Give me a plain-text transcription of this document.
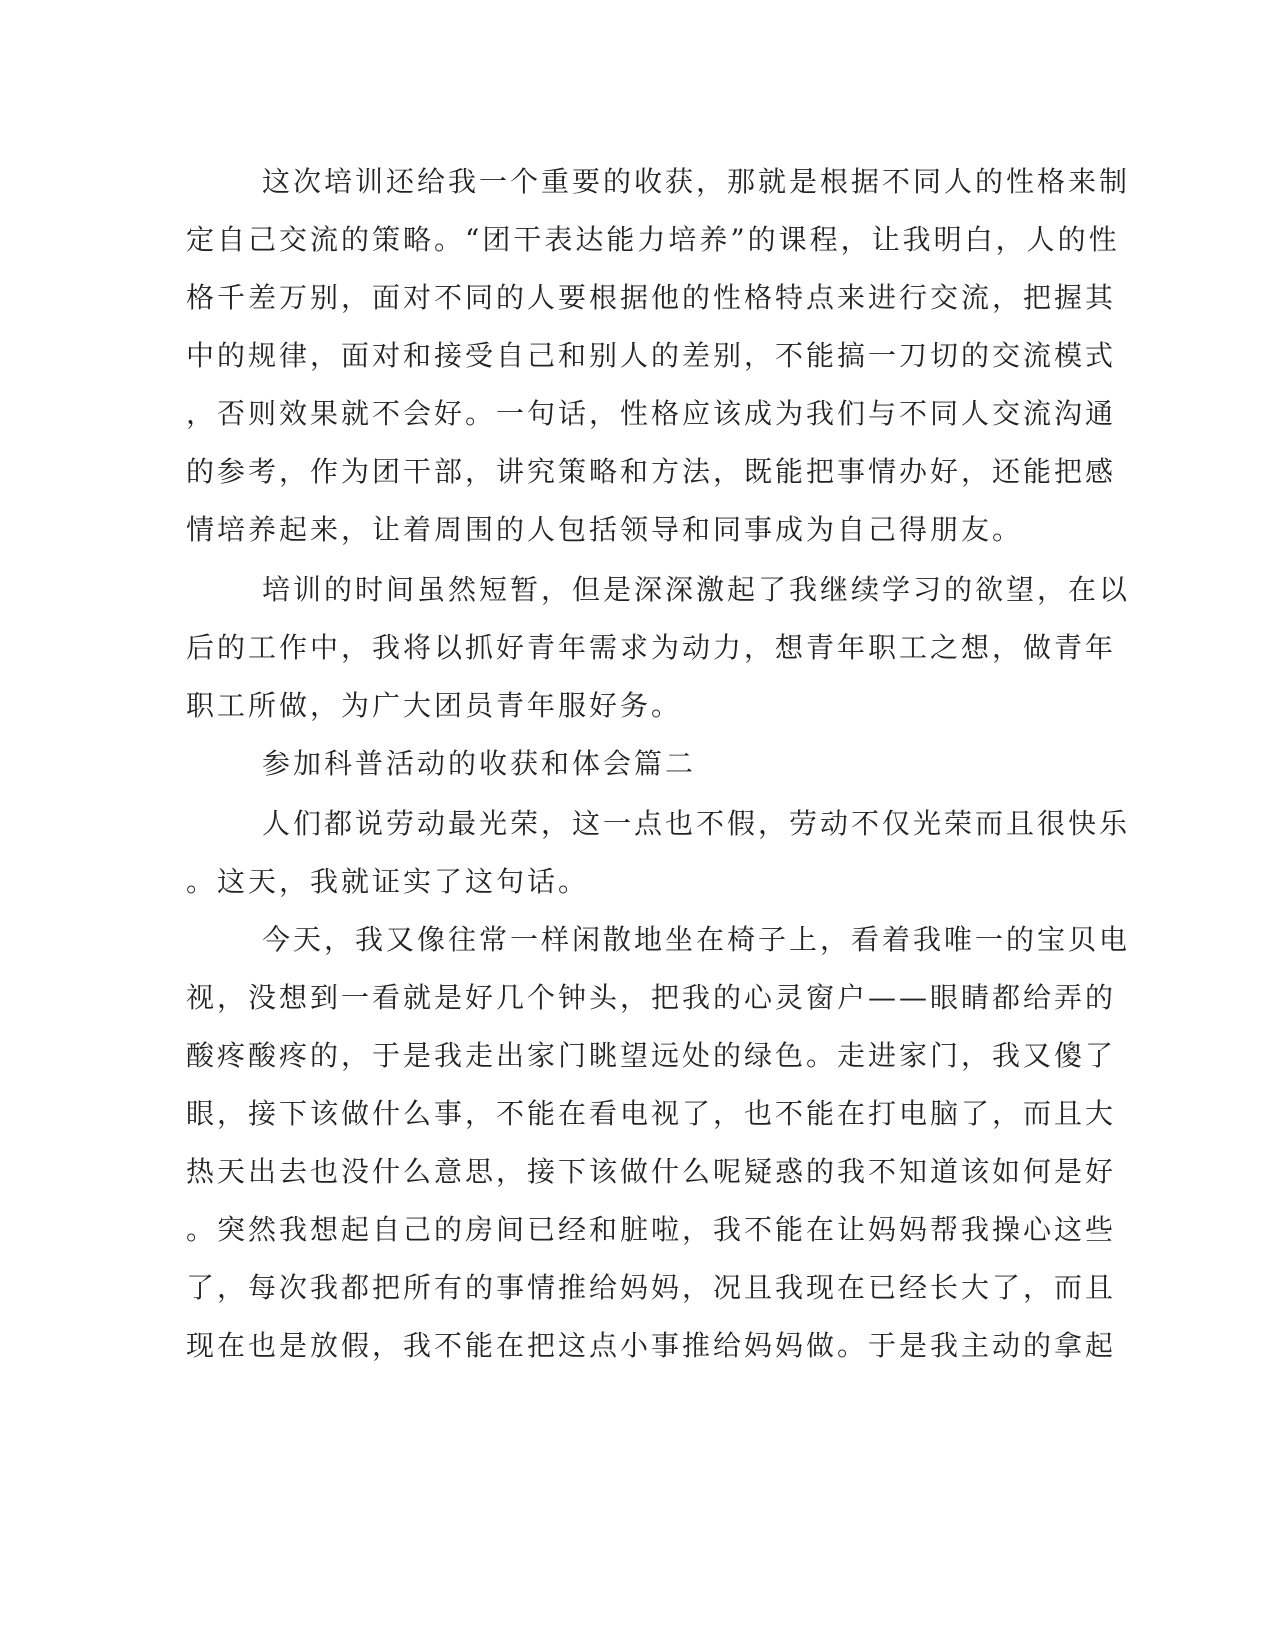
这次培训还给我一个重要的收获，那就是根据不同人的性格来制
定自己交流的策略。“团干表达能力培养”的课程，让我明白，人的性
格千差万别，面对不同的人要根据他的性格特点来进行交流，把握其
中的规律，面对和接受自己和别人的差别，不能搞一刀切的交流模式
，否则效果就不会好。一句话，性格应该成为我们与不同人交流沟通
的参考，作为团干部，讲究策略和方法，既能把事情办好，还能把感
情培养起来，让着周围的人包括领导和同事成为自己得朋友。
培训的时间虽然短暂，但是深深激起了我继续学习的欲望，在以
后的工作中，我将以抓好青年需求为动力，想青年职工之想，做青年
职工所做，为广大团员青年服好务。
参加科普活动的收获和体会篇二
人们都说劳动最光荣，这一点也不假，劳动不仅光荣而且很快乐
。这天，我就证实了这句话。
今天，我又像往常一样闲散地坐在椅子上，看着我唯一的宝贝电
视，没想到一看就是好几个钟头，把我的心灵窗户——眼睛都给弄的
酸疼酸疼的，于是我走出家门眺望远处的绿色。走进家门，我又傻了
眼，接下该做什么事，不能在看电视了，也不能在打电脑了，而且大
热天出去也没什么意思，接下该做什么呢疑惑的我不知道该如何是好
。突然我想起自己的房间已经和脏啦，我不能在让妈妈帮我操心这些
了，每次我都把所有的事情推给妈妈，况且我现在已经长大了，而且
现在也是放假，我不能在把这点小事推给妈妈做。于是我主动的拿起
